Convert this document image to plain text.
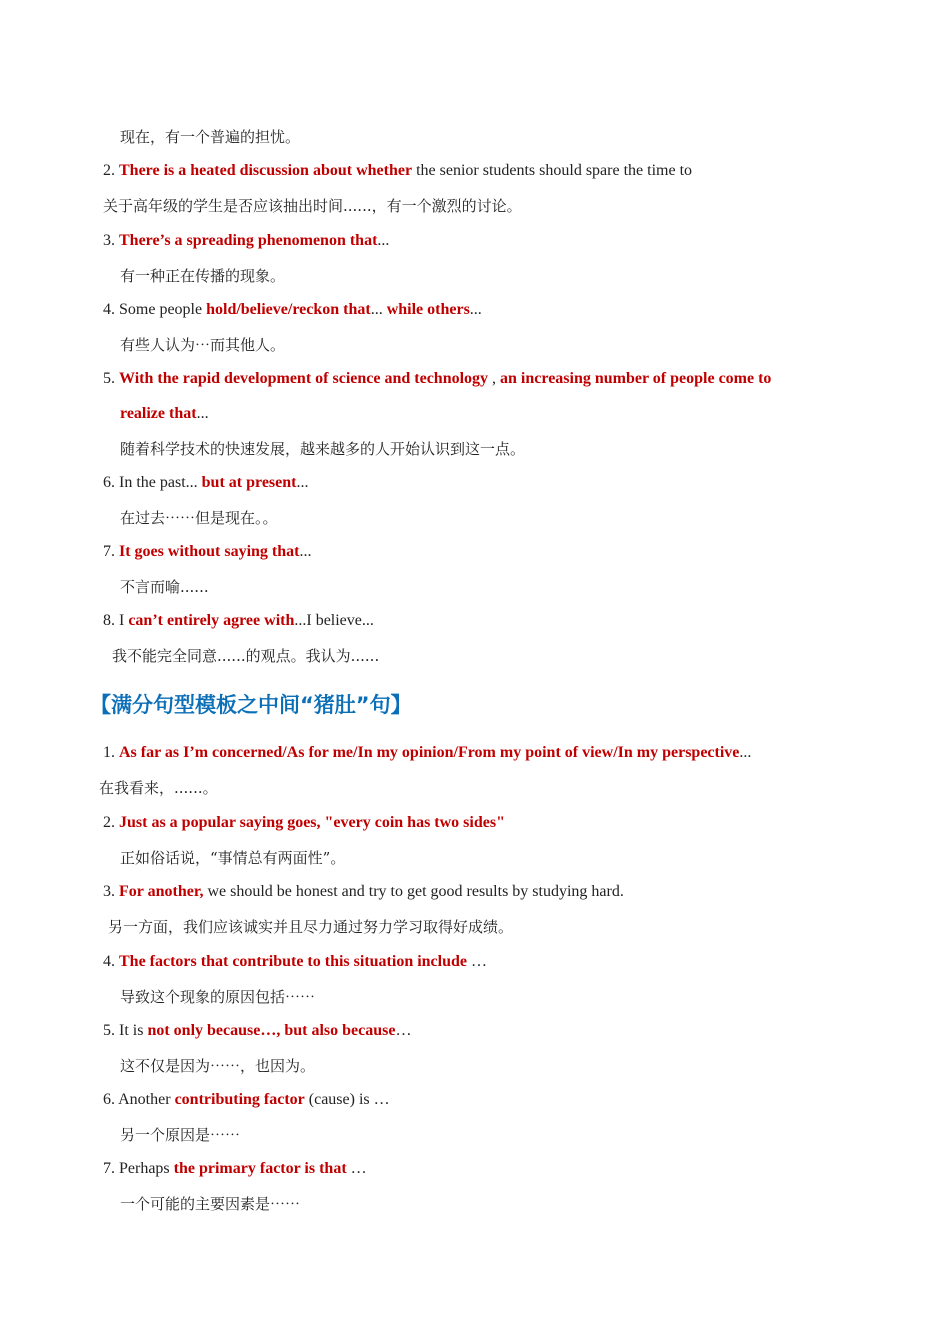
现在，有一个普遍的担忧。
2. There is a heated discussion about whether the senior students should spare the time to
关于高年级的学生是否应该抽出时间......，有一个激烈的讨论。
3. There’s a spreading phenomenon that...
有一种正在传播的现象。
4. Some people hold/believe/reckon that... while others...
有些人认为⋯而其他人。
5. With the rapid development of science and technology , an increasing number of people come to
realize that...
随着科学技术的快速发展，越来越多的人开始认识到这一点。
6. In the past... but at present...
在过去⋯⋯但是现在。。
7. It goes without saying that...
不言而喻......
8. I can’t entirely agree with...I believe...
我不能完全同意......的观点。我认为......
【满分句型模板之中间“猪肚”句】
1. As far as I’m concerned/As for me/In my opinion/From my point of view/In my perspective...
在我看来，......。
2. Just as a popular saying goes, "every coin has two sides"
正如俗话说，“事情总有两面性”。
3. For another, we should be honest and try to get good results by studying hard.
另一方面，我们应该诚实并且尽力通过努力学习取得好成绩。
4. The factors that contribute to this situation include …
导致这个现象的原因包括⋯⋯
5. It is not only because…, but also because…
这不仅是因为⋯⋯，也因为。
6. Another contributing factor (cause) is …
另一个原因是⋯⋯
7. Perhaps the primary factor is that …
一个可能的主要因素是⋯⋯
